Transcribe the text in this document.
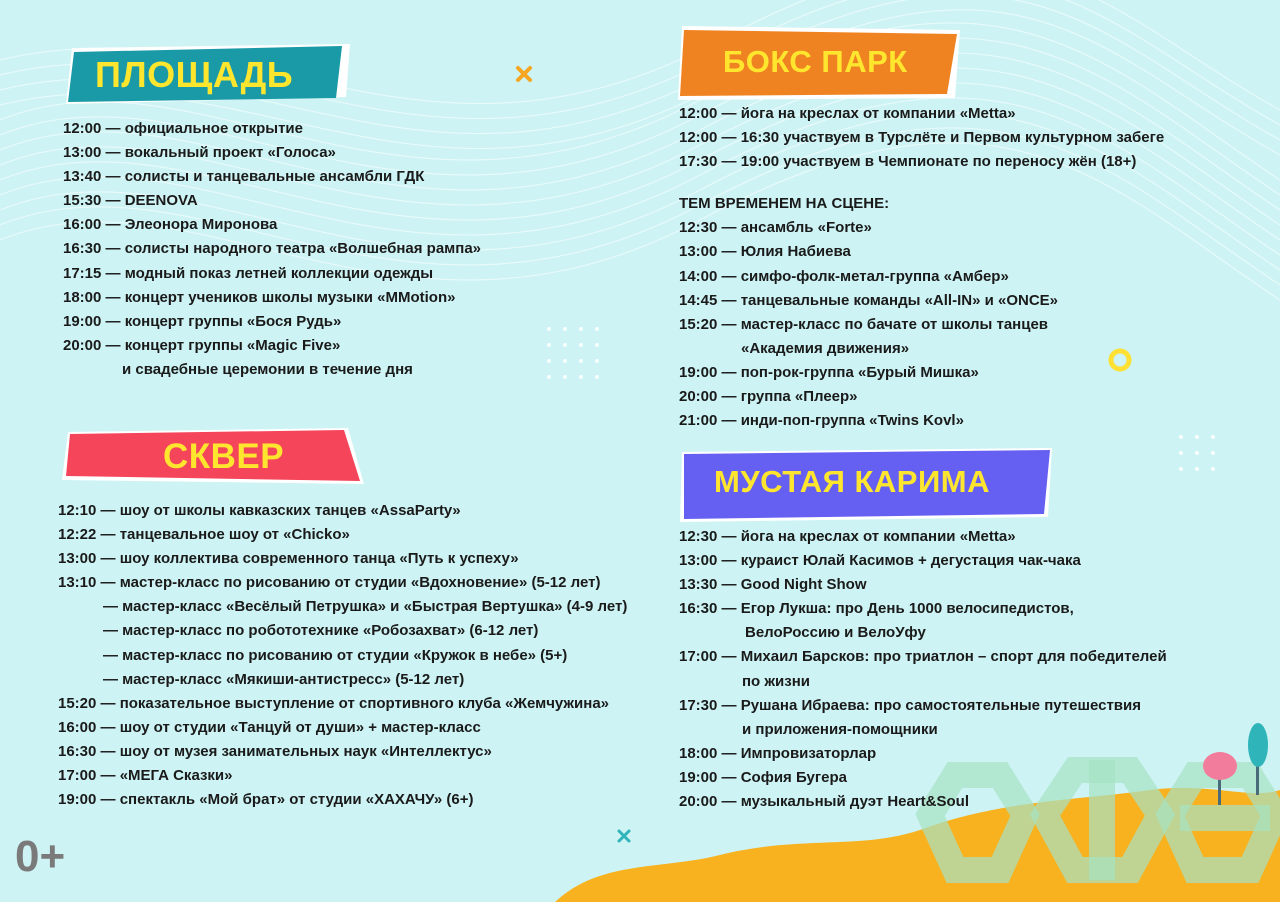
ПЛОЩАДЬ	БОКС ПАРК
СКВЕР
МУСТАЯ КАРИМА
12:00 — официальное открытие
13:00 — вокальный проект «Голоса»
13:40 — солисты и танцевальные ансамбли ГДК
15:30 — DEENOVA
16:00 — Элеонора Миронова
16:30 — солисты народного театра «Волшебная рампа»
17:15 — модный показ летней коллекции одежды
18:00 — концерт учеников школы музыки «MMotion»
19:00 — концерт группы «Бося Рудь»
20:00 — концерт группы «Magic Five»
и свадебные церемонии в течение дня
12:00 — йога на креслах от компании «Metta»
12:00 — 16:30 участвуем в Турслёте и Первом культурном забеге
17:30 — 19:00 участвуем в Чемпионате по переносу жён (18+)
ТЕМ ВРЕМЕНЕМ НА СЦЕНЕ:
12:30 — ансамбль «Forte»
13:00 — Юлия Набиева
14:00 — симфо-фолк-метал-группа «Амбер»
14:45 — танцевальные команды «All-IN» и «ONCE»
15:20 — мастер-класс по бачате от школы танцев
«Академия движения»
19:00 — поп-рок-группа «Бурый Мишка»
20:00 — группа «Плеер»
21:00 — инди-поп-группа «Twins Kovl»
12:10 — шоу от школы кавказских танцев «AssaParty»
12:22 — танцевальное шоу от «Chicko»
13:00 — шоу коллектива современного танца «Путь к успеху»
13:10 — мастер-класс по рисованию от студии «Вдохновение» (5-12 лет)
— мастер-класс «Весёлый Петрушка» и «Быстрая Вертушка» (4-9 лет)
— мастер-класс по робототехнике «Робозахват» (6-12 лет)
— мастер-класс по рисованию от студии «Кружок в небе» (5+)
— мастер-класс «Мякиши-антистресс» (5-12 лет)
15:20 — показательное выступление от спортивного клуба «Жемчужина»
16:00 — шоу от студии «Танцуй от души» + мастер-класс
16:30 — шоу от музея занимательных наук «Интеллектус»
17:00 — «МЕГА Сказки»
19:00 — спектакль «Мой брат» от студии «ХАХАЧУ» (6+)
12:30 — йога на креслах от компании «Metta»
13:00 — кураист Юлай Касимов + дегустация чак-чака
13:30 — Good Night Show
16:30 — Егор Лукша: про День 1000 велосипедистов,
ВелоРоссию и ВелоУфу
17:00 — Михаил Барсков: про триатлон – спорт для победителей
по жизни
17:30 — Рушана Ибраева: про самостоятельные путешествия
и приложения-помощники
18:00 — Импровизаторлар
19:00 — София Бугера
20:00 — музыкальный дуэт Heart&Soul
0+
